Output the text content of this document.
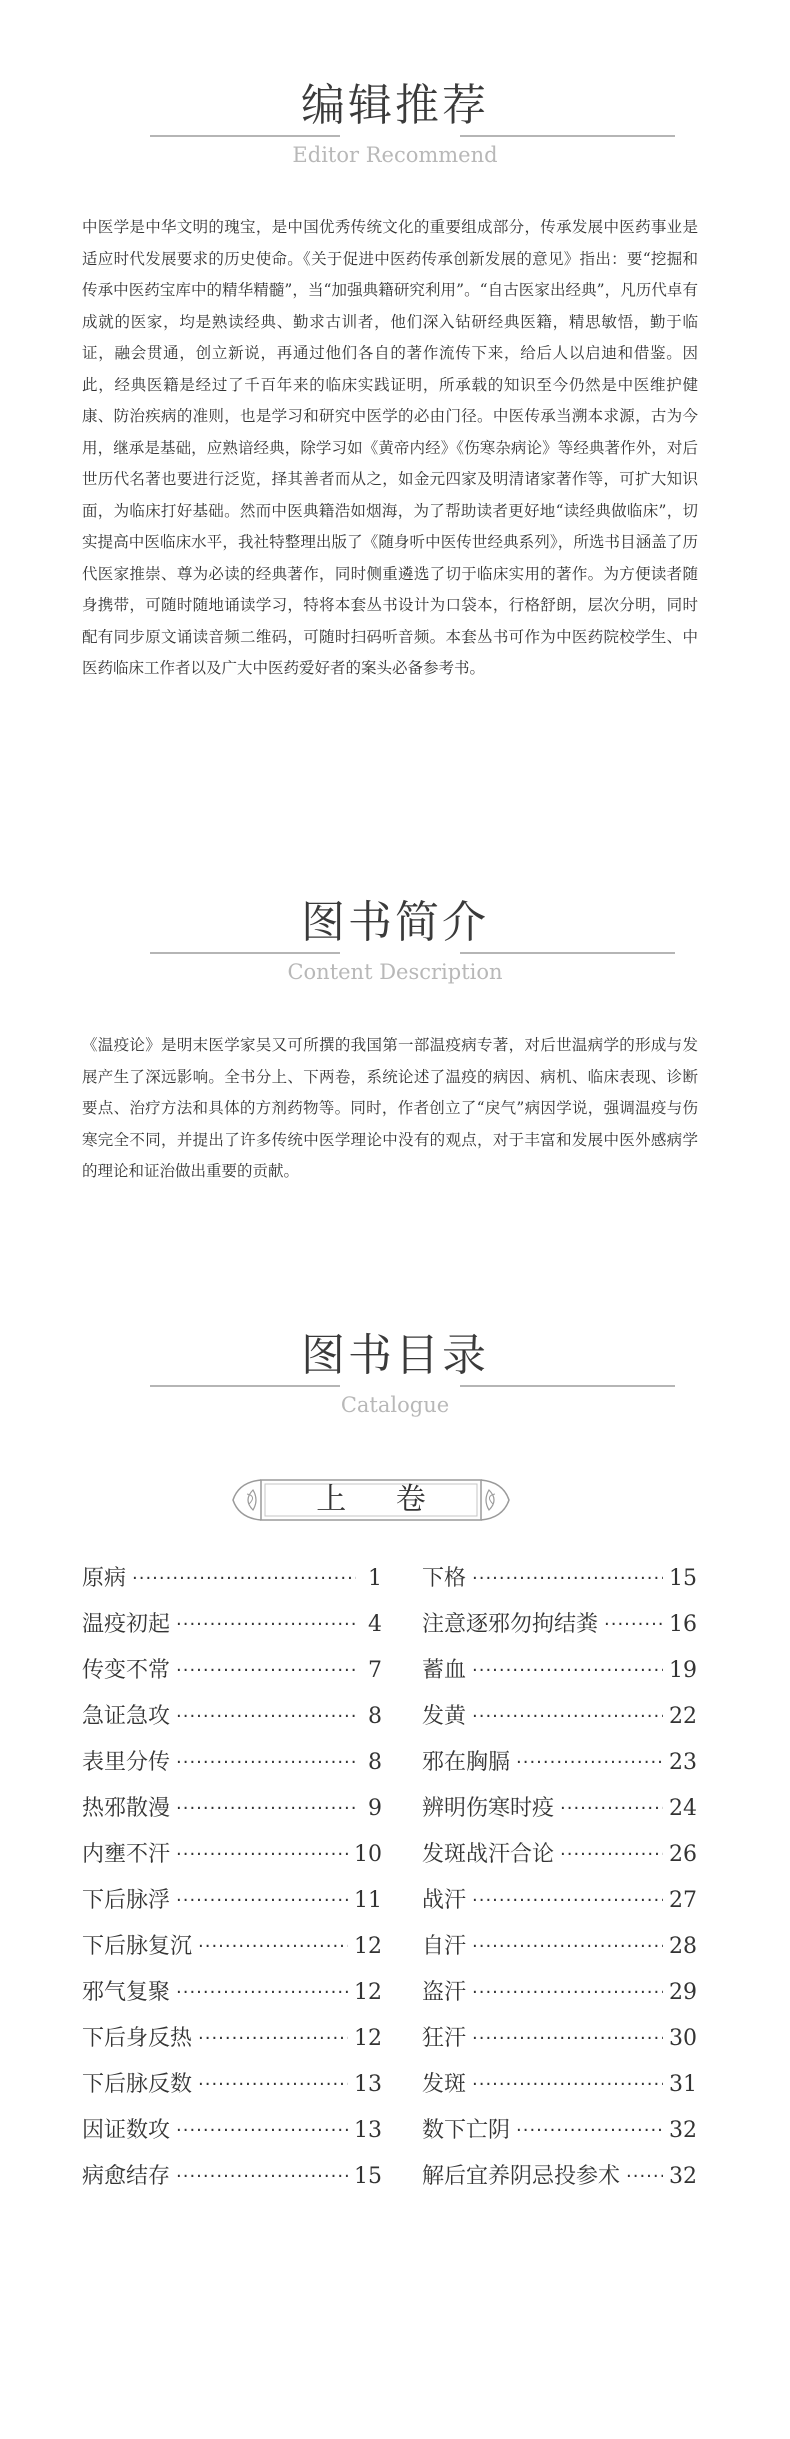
编辑推荐
Editor Recommend

中医学是中华文明的瑰宝，是中国优秀传统文化的重要组成部分，传承发展中医药事业是适应时代发展要求的历史使命。《关于促进中医药传承创新发展的意见》指出：要“挖掘和传承中医药宝库中的精华精髓”，当“加强典籍研究利用”。“自古医家出经典”，凡历代卓有成就的医家，均是熟读经典、勤求古训者，他们深入钻研经典医籍，精思敏悟，勤于临证，融会贯通，创立新说，再通过他们各自的著作流传下来，给后人以启迪和借鉴。因此，经典医籍是经过了千百年来的临床实践证明，所承载的知识至今仍然是中医维护健康、防治疾病的准则，也是学习和研究中医学的必由门径。中医传承当溯本求源，古为今用，继承是基础，应熟谙经典，除学习如《黄帝内经》《伤寒杂病论》等经典著作外，对后世历代名著也要进行泛览，择其善者而从之，如金元四家及明清诸家著作等，可扩大知识面，为临床打好基础。然而中医典籍浩如烟海，为了帮助读者更好地“读经典做临床”，切实提高中医临床水平，我社特整理出版了《随身听中医传世经典系列》，所选书目涵盖了历代医家推崇、尊为必读的经典著作，同时侧重遴选了切于临床实用的著作。为方便读者随身携带，可随时随地诵读学习，特将本套丛书设计为口袋本，行格舒朗，层次分明，同时配有同步原文诵读音频二维码，可随时扫码听音频。本套丛书可作为中医药院校学生、中医药临床工作者以及广大中医药爱好者的案头必备参考书。

图书简介
Content Description

《温疫论》是明末医学家吴又可所撰的我国第一部温疫病专著，对后世温病学的形成与发展产生了深远影响。全书分上、下两卷，系统论述了温疫的病因、病机、临床表现、诊断要点、治疗方法和具体的方剂药物等。同时，作者创立了“戾气”病因学说，强调温疫与伤寒完全不同，并提出了许多传统中医学理论中没有的观点，对于丰富和发展中医外感病学的理论和证治做出重要的贡献。

图书目录
Catalogue
上 卷
原病 ·····	1
温疫初起 ·····	4
传变不常 ·····	7
急证急攻 ·····	8
表里分传 ·····	8
热邪散漫 ·····	9
内壅不汗 ·····	10
下后脉浮 ·····	11
下后脉复沉 ·····	12
邪气复聚 ·····	12
下后身反热 ·····	12
下后脉反数 ·····	13
因证数攻 ·····	13
病愈结存 ·····	15
下格 ·····	15
注意逐邪勿拘结粪 ·····	16
蓄血 ·····	19
发黄 ·····	22
邪在胸膈 ·····	23
辨明伤寒时疫 ·····	24
发斑战汗合论 ·····	26
战汗 ·····	27
自汗 ·····	28
盗汗 ·····	29
狂汗 ·····	30
发斑 ·····	31
数下亡阴 ·····	32
解后宜养阴忌投参术 ····· 32
